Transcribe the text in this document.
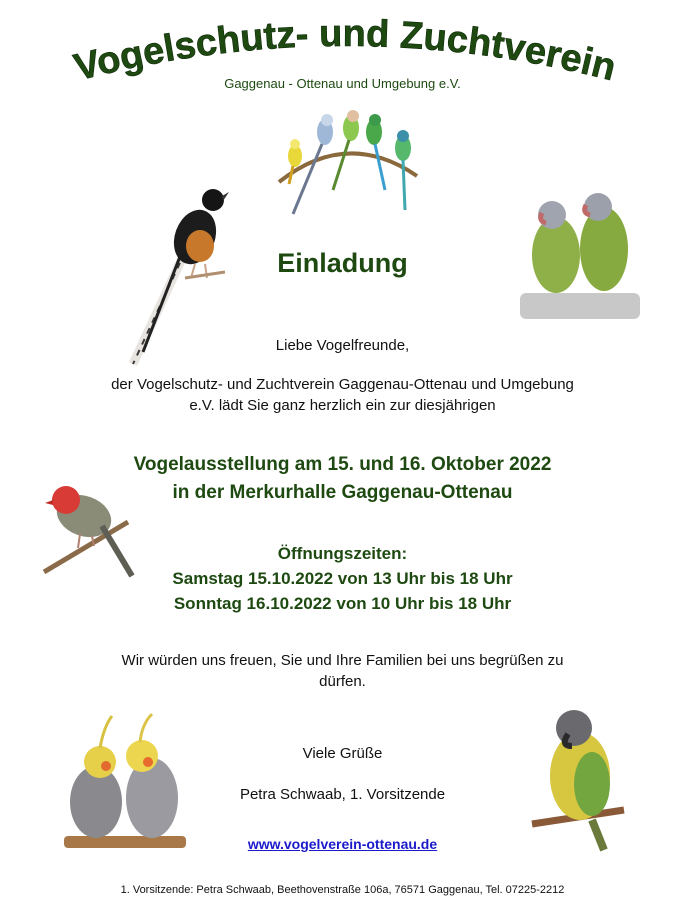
Vogelschutz- und Zuchtverein
Gaggenau - Ottenau und Umgebung e.V.
Einladung
Liebe Vogelfreunde,
der Vogelschutz- und Zuchtverein Gaggenau-Ottenau und Umgebung
e.V. lädt Sie ganz herzlich ein zur diesjährigen
Vogelausstellung am 15. und 16. Oktober 2022
in der Merkurhalle Gaggenau-Ottenau
Öffnungszeiten:
Samstag 15.10.2022 von 13 Uhr bis 18 Uhr
Sonntag 16.10.2022 von 10 Uhr bis 18 Uhr
Wir würden uns freuen, Sie und Ihre Familien bei uns begrüßen zu
dürfen.
Viele Grüße
Petra Schwaab, 1. Vorsitzende
www.vogelverein-ottenau.de
1. Vorsitzende: Petra Schwaab, Beethovenstraße 106a, 76571 Gaggenau, Tel. 07225-2212
